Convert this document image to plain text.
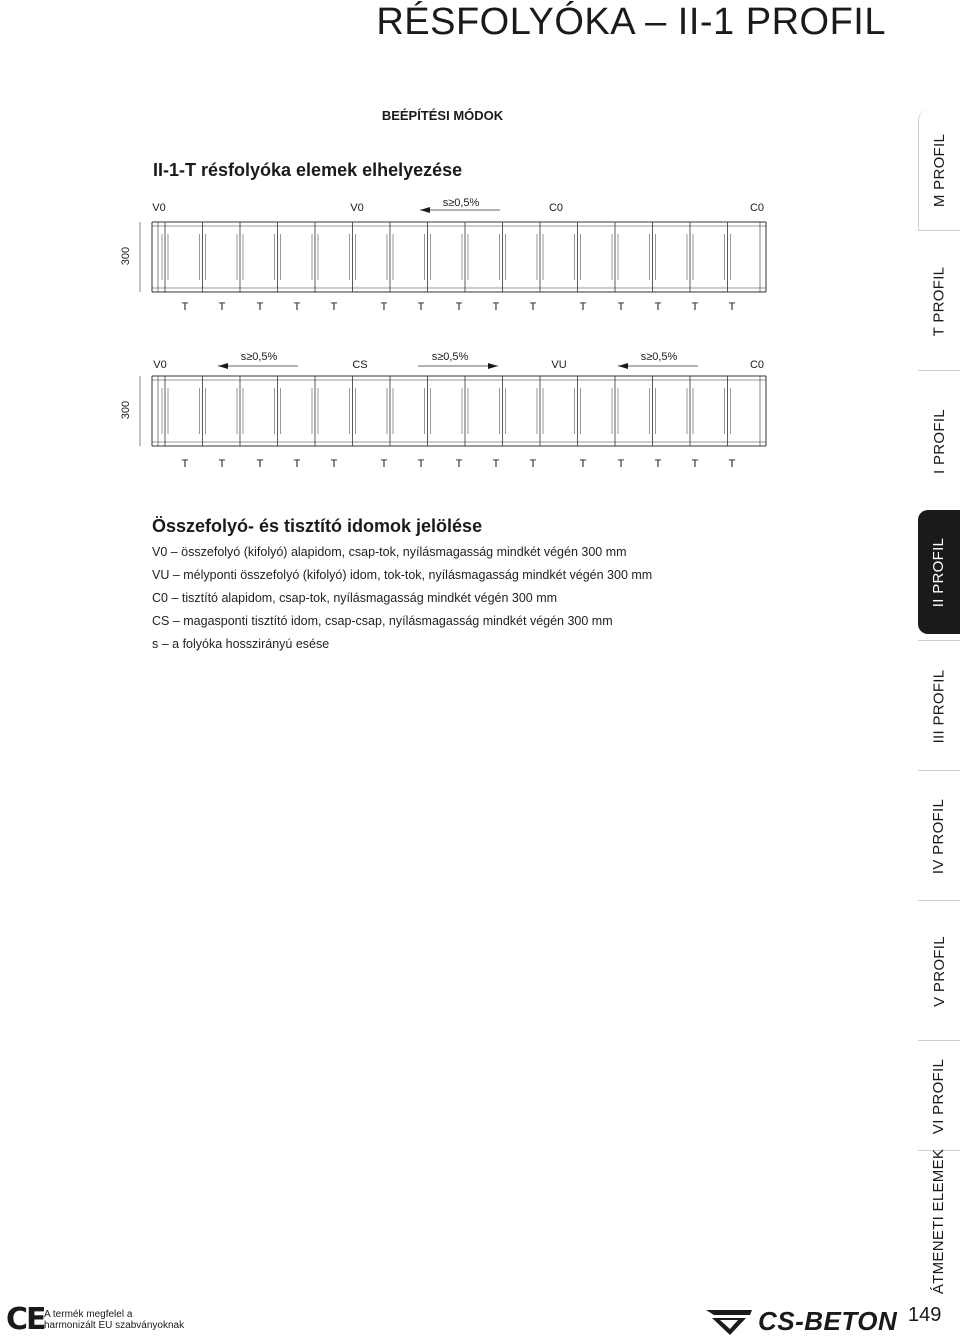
RÉSFOLYÓKA – II-1 PROFIL
BEÉPÍTÉSI MÓDOK
II-1-T résfolyóka elemek elhelyezése
V0	V0	s≥0,5%	C0	C0
300
T	T	T	T	T	T	T	T	T	T	T	T	T	T	T
V0
s≥0,5%
CS
s≥0,5%
VU
s≥0,5%
C0
300
T	T	T	T	T	T	T	T	T	T	T	T	T	T	T
Összefolyó- és tisztító idomok jelölése
V0 – összefolyó (kifolyó) alapidom, csap-tok, nyílásmagasság mindkét végén 300 mm
VU – mélyponti összefolyó (kifolyó) idom, tok-tok, nyílásmagasság mindkét végén 300 mm
C0 – tisztító alapidom, csap-tok, nyílásmagasság mindkét végén 300 mm
CS – magasponti tisztító idom, csap-csap, nyílásmagasság mindkét végén 300 mm
s – a folyóka hosszirányú esése
M PROFIL
T PROFIL
I PROFIL
II PROFIL
III PROFIL
IV PROFIL
V PROFIL
VI PROFIL
ÁTMENETI ELEMEK
CE A termék megfelel a
harmonizált EU szabványoknak	CS-BETON 149
